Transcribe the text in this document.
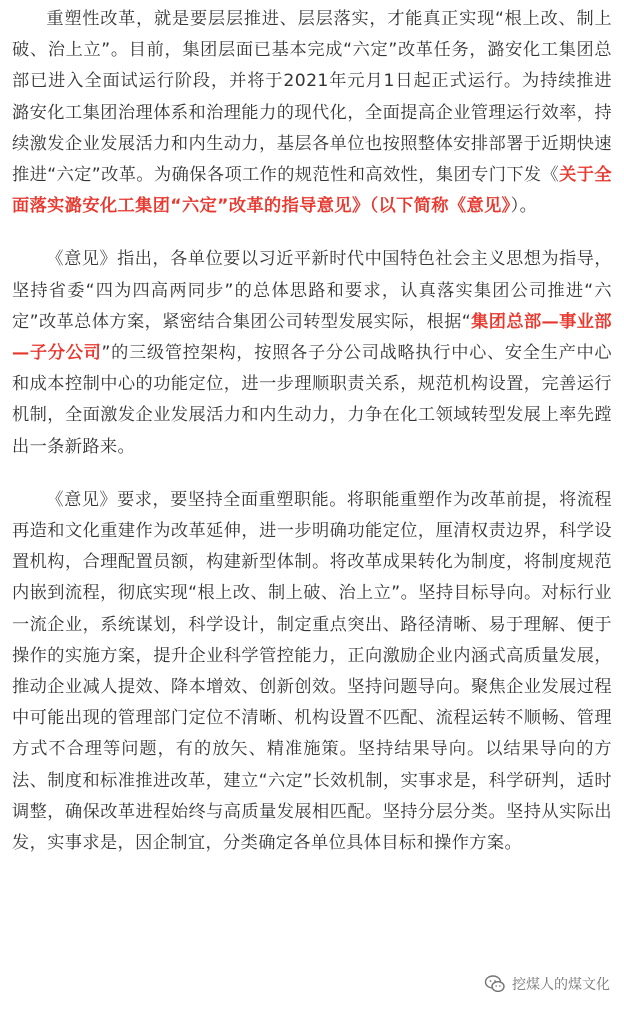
重塑性改革，就是要层层推进、层层落实，才能真正实现“根上改、制上破、治上立”。目前，集团层面已基本完成“六定”改革任务，潞安化工集团总部已进入全面试运行阶段，并将于2021年元月1日起正式运行。为持续推进潞安化工集团治理体系和治理能力的现代化，全面提高企业管理运行效率，持续激发企业发展活力和内生动力，基层各单位也按照整体安排部署于近期快速推进“六定”改革。为确保各项工作的规范性和高效性，集团专门下发《关于全面落实潞安化工集团“六定”改革的指导意见》（以下简称《意见》）。

《意见》指出，各单位要以习近平新时代中国特色社会主义思想为指导，坚持省委“四为四高两同步”的总体思路和要求，认真落实集团公司推进“六定”改革总体方案，紧密结合集团公司转型发展实际，根据“集团总部—事业部—子分公司”的三级管控架构，按照各子分公司战略执行中心、安全生产中心和成本控制中心的功能定位，进一步理顺职责关系，规范机构设置，完善运行机制，全面激发企业发展活力和内生动力，力争在化工领域转型发展上率先蹚出一条新路来。

《意见》要求，要坚持全面重塑职能。将职能重塑作为改革前提，将流程再造和文化重建作为改革延伸，进一步明确功能定位，厘清权责边界，科学设置机构，合理配置员额，构建新型体制。将改革成果转化为制度，将制度规范内嵌到流程，彻底实现“根上改、制上破、治上立”。坚持目标导向。对标行业一流企业，系统谋划，科学设计，制定重点突出、路径清晰、易于理解、便于操作的实施方案，提升企业科学管控能力，正向激励企业内涵式高质量发展，推动企业减人提效、降本增效、创新创效。坚持问题导向。聚焦企业发展过程中可能出现的管理部门定位不清晰、机构设置不匹配、流程运转不顺畅、管理方式不合理等问题，有的放矢、精准施策。坚持结果导向。以结果导向的方法、制度和标准推进改革，建立“六定”长效机制，实事求是，科学研判，适时调整，确保改革进程始终与高质量发展相匹配。坚持分层分类。坚持从实际出发，实事求是，因企制宜，分类确定各单位具体目标和操作方案。

挖煤人的煤文化
